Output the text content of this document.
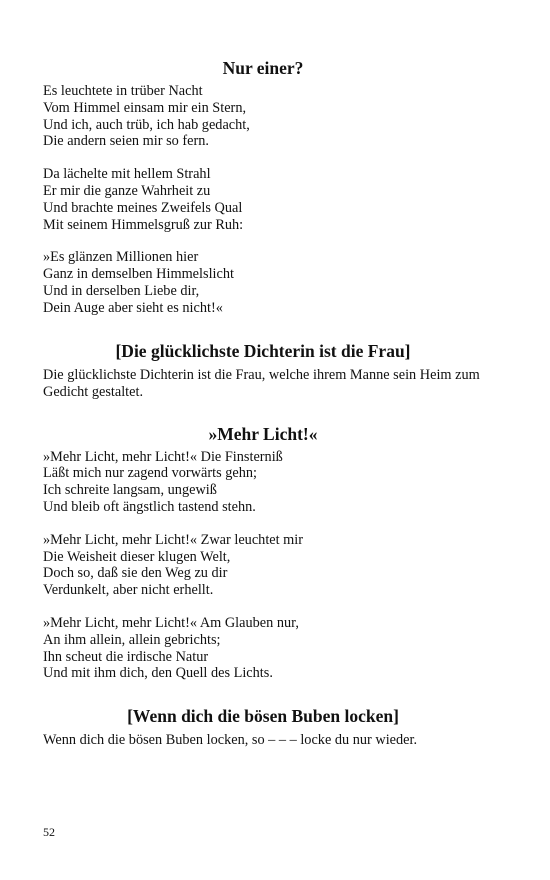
Nur einer?
Es leuchtete in trüber Nacht
Vom Himmel einsam mir ein Stern,
Und ich, auch trüb, ich hab gedacht,
Die andern seien mir so fern.
Da lächelte mit hellem Strahl
Er mir die ganze Wahrheit zu
Und brachte meines Zweifels Qual
Mit seinem Himmelsgruß zur Ruh:
»Es glänzen Millionen hier
Ganz in demselben Himmelslicht
Und in derselben Liebe dir,
Dein Auge aber sieht es nicht!«
[Die glücklichste Dichterin ist die Frau]

Die glücklichste Dichterin ist die Frau, welche ihrem Manne sein Heim zum Gedicht gestaltet.

»Mehr Licht!«
»Mehr Licht, mehr Licht!« Die Finsterniß
Läßt mich nur zagend vorwärts gehn;
Ich schreite langsam, ungewiß
Und bleib oft ängstlich tastend stehn.
»Mehr Licht, mehr Licht!« Zwar leuchtet mir
Die Weisheit dieser klugen Welt,
Doch so, daß sie den Weg zu dir
Verdunkelt, aber nicht erhellt.
»Mehr Licht, mehr Licht!« Am Glauben nur,
An ihm allein, allein gebrichts;
Ihn scheut die irdische Natur
Und mit ihm dich, den Quell des Lichts.
[Wenn dich die bösen Buben locken]

Wenn dich die bösen Buben locken, so – – – locke du nur wieder.

52
